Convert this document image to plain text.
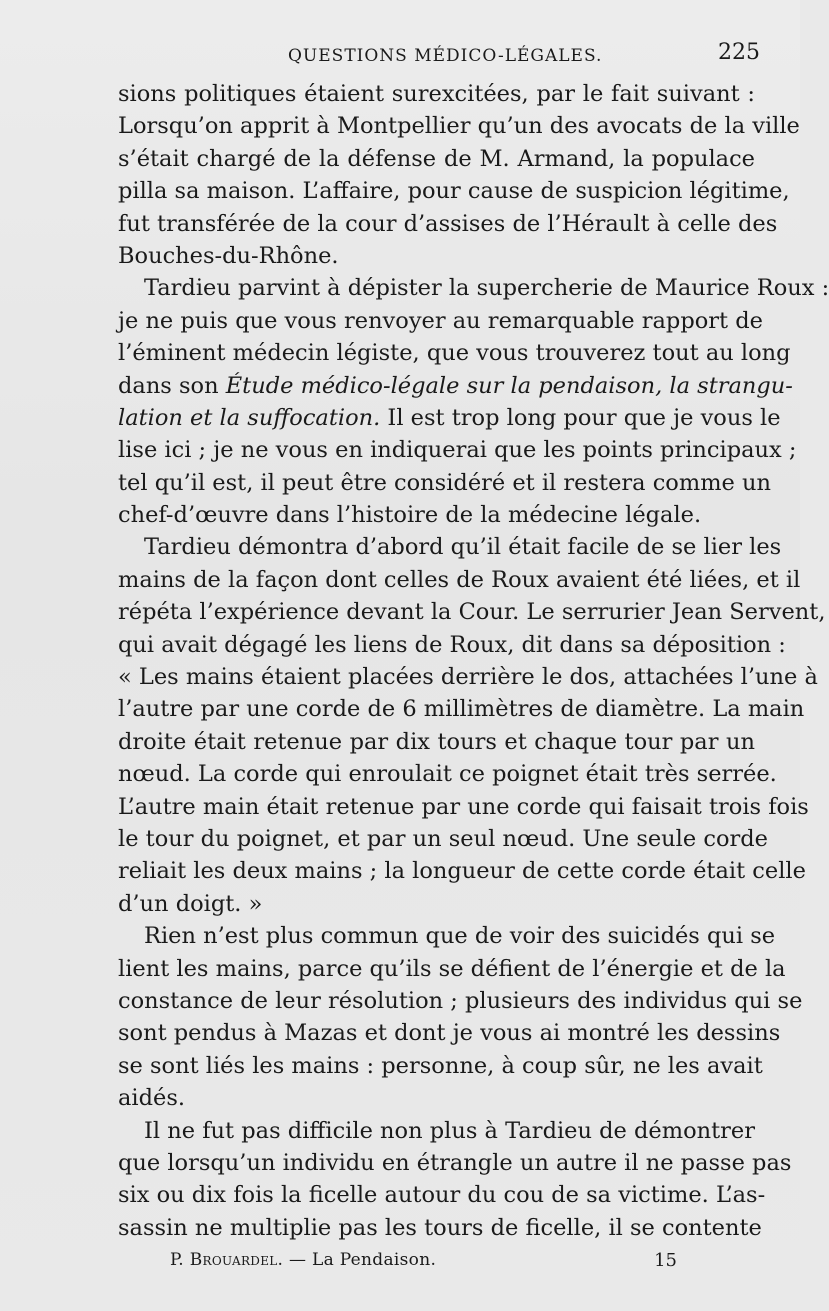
QUESTIONS MÉDICO-LÉGALES.	225
sions politiques étaient surexcitées, par le fait suivant :
Lorsqu’on apprit à Montpellier qu’un des avocats de la ville
s’était chargé de la défense de M. Armand, la populace
pilla sa maison. L’affaire, pour cause de suspicion légitime,
fut transférée de la cour d’assises de l’Hérault à celle des
Bouches-du-Rhône.
Tardieu parvint à dépister la supercherie de Maurice Roux :
je ne puis que vous renvoyer au remarquable rapport de
l’éminent médecin légiste, que vous trouverez tout au long
dans son Étude médico-légale sur la pendaison, la strangu-
lation et la suffocation. Il est trop long pour que je vous le
lise ici ; je ne vous en indiquerai que les points principaux ;
tel qu’il est, il peut être considéré et il restera comme un
chef-d’œuvre dans l’histoire de la médecine légale.
Tardieu démontra d’abord qu’il était facile de se lier les
mains de la façon dont celles de Roux avaient été liées, et il
répéta l’expérience devant la Cour. Le serrurier Jean Servent,
qui avait dégagé les liens de Roux, dit dans sa déposition :
« Les mains étaient placées derrière le dos, attachées l’une à
l’autre par une corde de 6 millimètres de diamètre. La main
droite était retenue par dix tours et chaque tour par un
nœud. La corde qui enroulait ce poignet était très serrée.
L’autre main était retenue par une corde qui faisait trois fois
le tour du poignet, et par un seul nœud. Une seule corde
reliait les deux mains ; la longueur de cette corde était celle
d’un doigt. »
Rien n’est plus commun que de voir des suicidés qui se
lient les mains, parce qu’ils se défient de l’énergie et de la
constance de leur résolution ; plusieurs des individus qui se
sont pendus à Mazas et dont je vous ai montré les dessins
se sont liés les mains : personne, à coup sûr, ne les avait
aidés.
Il ne fut pas difficile non plus à Tardieu de démontrer
que lorsqu’un individu en étrangle un autre il ne passe pas
six ou dix fois la ficelle autour du cou de sa victime. L’as-
sassin ne multiplie pas les tours de ficelle, il se contente
P. Brouardel. — La Pendaison.	15
